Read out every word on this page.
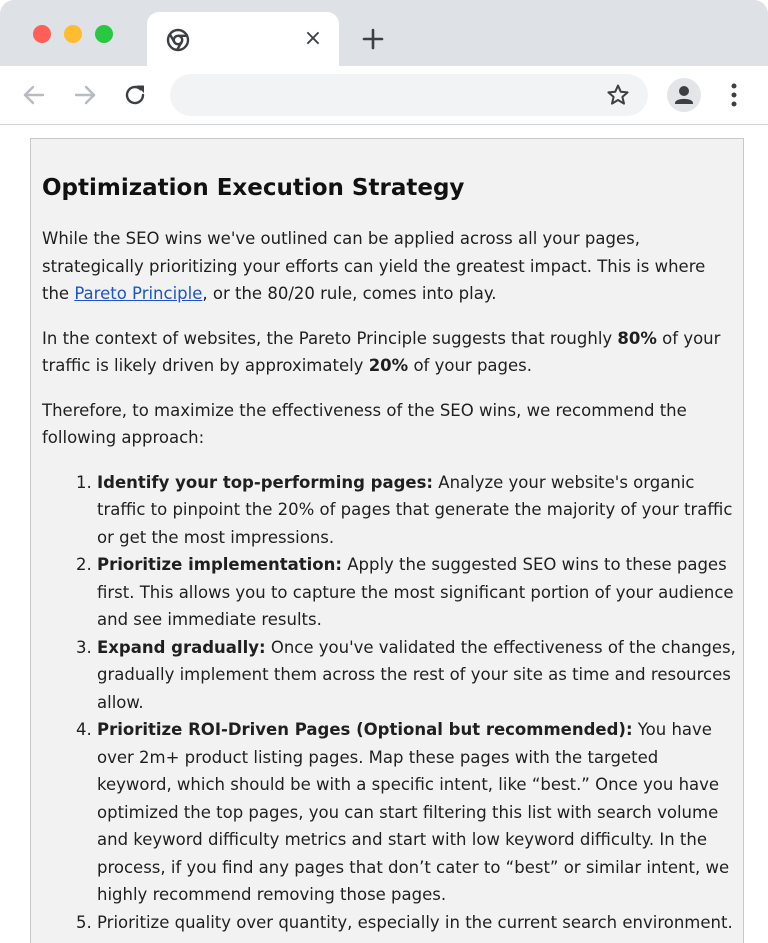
×
Optimization Execution Strategy

While the SEO wins we've outlined can be applied across all your pages, strategically prioritizing your efforts can yield the greatest impact. This is where the Pareto Principle, or the 80/20 rule, comes into play.

In the context of websites, the Pareto Principle suggests that roughly 80% of your traffic is likely driven by approximately 20% of your pages.

Therefore, to maximize the effectiveness of the SEO wins, we recommend the following approach:

1. Identify your top-performing pages: Analyze your website's organic traffic to pinpoint the 20% of pages that generate the majority of your traffic or get the most impressions.
2. Prioritize implementation: Apply the suggested SEO wins to these pages first. This allows you to capture the most significant portion of your audience and see immediate results.
3. Expand gradually: Once you've validated the effectiveness of the changes, gradually implement them across the rest of your site as time and resources allow.
4. Prioritize ROI-Driven Pages (Optional but recommended): You have over 2m+ product listing pages. Map these pages with the targeted keyword, which should be with a specific intent, like “best.” Once you have optimized the top pages, you can start filtering this list with search volume and keyword difficulty metrics and start with low keyword difficulty. In the process, if you find any pages that don’t cater to “best” or similar intent, we highly recommend removing those pages.
5. Prioritize quality over quantity, especially in the current search environment.
